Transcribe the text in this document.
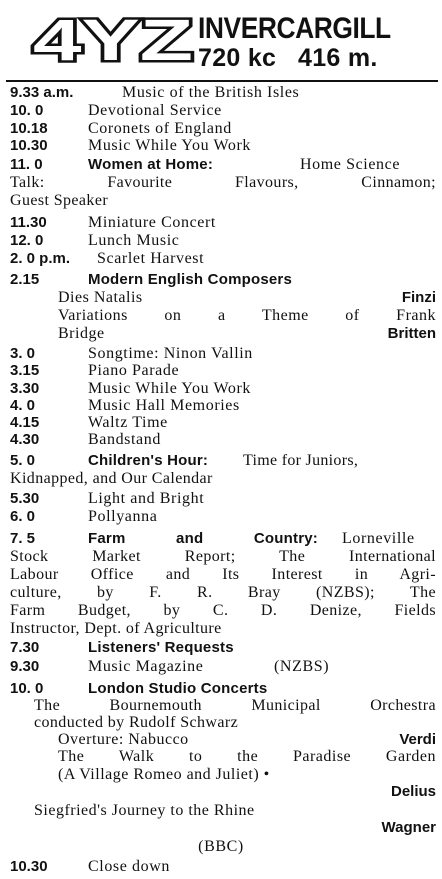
4YZ INVERCARGILL
720 kc 416 m.
9.33 a.m.	Music of the British Isles
10. 0	Devotional Service
10.18	Coronets of England
10.30	Music While You Work
11. 0	Women at Home:	Home Science
Talk: Favourite Flavours, Cinnamon;
Guest Speaker
11.30	Miniature Concert
12. 0	Lunch Music
2. 0 p.m. Scarlet Harvest
2.15	Modern English Composers
Dies Natalis	Finzi
Variations on a Theme of Frank
Bridge	Britten
3. 0	Songtime: Ninon Vallin
3.15	Piano Parade
3.30	Music While You Work
4. 0	Music Hall Memories
4.15	Waltz Time
4.30	Bandstand
5. 0	Children's Hour: Time for Juniors,
Kidnapped, and Our Calendar
5.30	Light and Bright
6. 0	Pollyanna
7. 5	Farm and Country: Lorneville
Stock Market Report; The International
Labour Office and Its Interest in Agri-
culture, by F. R. Bray (NZBS); The
Farm Budget, by C. D. Denize, Fields
Instructor, Dept. of Agriculture
7.30	Listeners' Requests
9.30	Music Magazine	(NZBS)
10. 0	London Studio Concerts
The Bournemouth Municipal Orchestra
conducted by Rudolf Schwarz
Overture: Nabucco	Verdi
The Walk to the Paradise Garden
(A Village Romeo and Juliet) •
Delius
Siegfried's Journey to the Rhine
Wagner
(BBC)
10.30	Close down
